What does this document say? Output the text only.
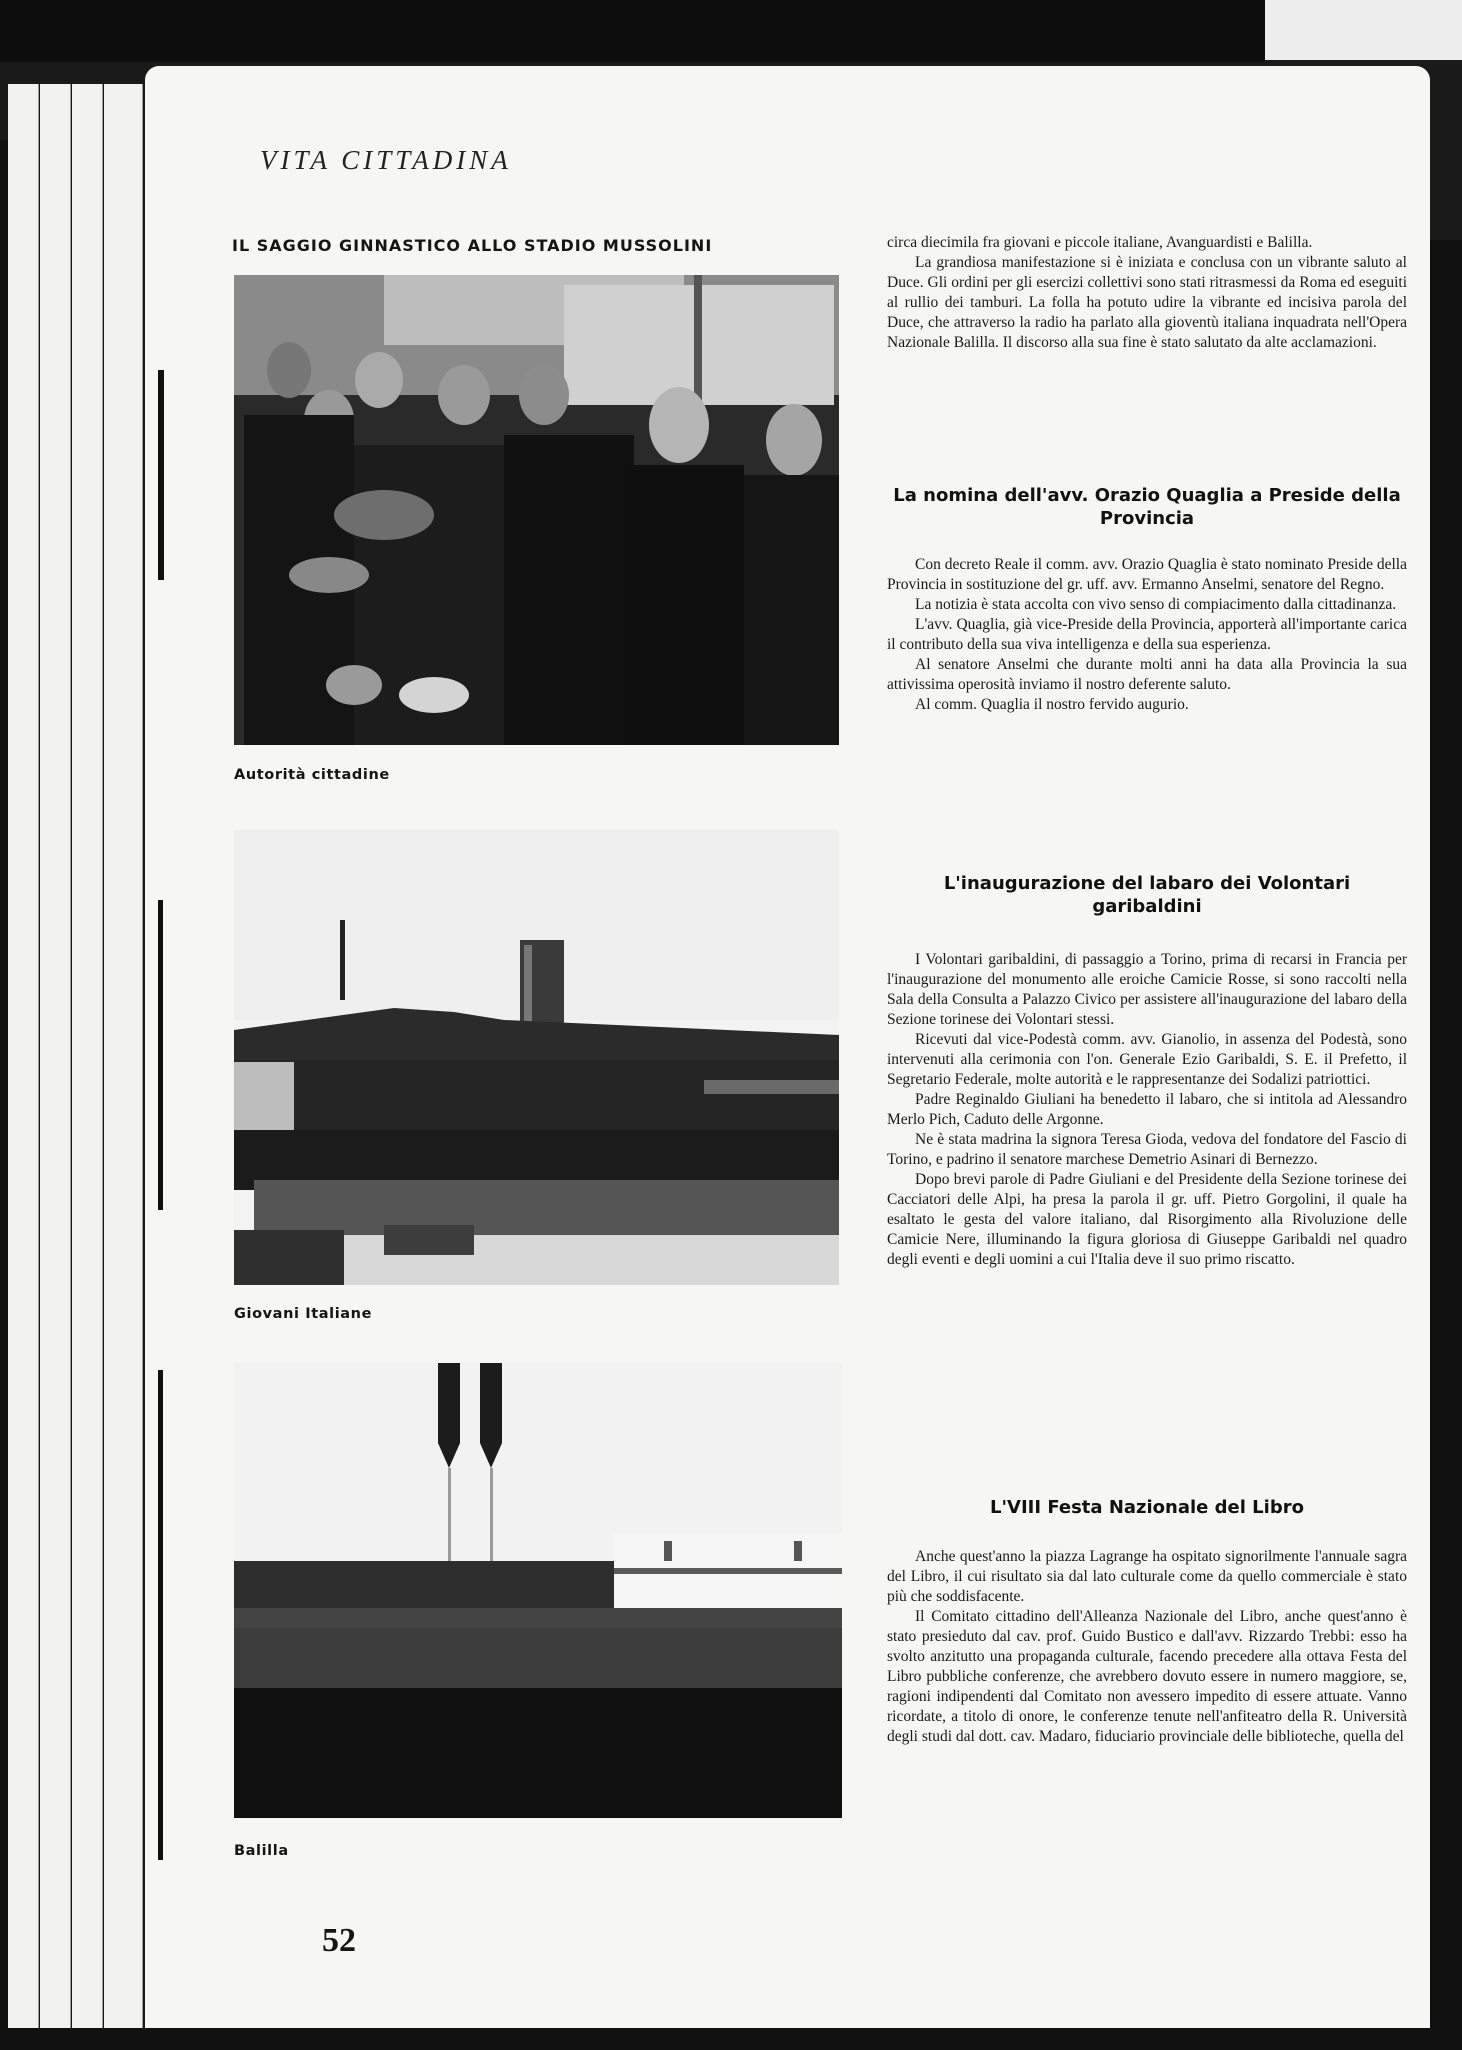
VITA CITTADINA
IL SAGGIO GINNASTICO ALLO STADIO MUSSOLINI
Autorità cittadine
Giovani Italiane
Balilla
52

circa diecimila fra giovani e piccole italiane, Avanguardisti e Balilla.

La grandiosa manifestazione si è iniziata e conclusa con un vibrante saluto al Duce. Gli ordini per gli esercizi collettivi sono stati ritrasmessi da Roma ed eseguiti al rullio dei tamburi. La folla ha potuto udire la vibrante ed incisiva parola del Duce, che attraverso la radio ha parlato alla gioventù italiana inquadrata nell'Opera Nazionale Balilla. Il discorso alla sua fine è stato salutato da alte acclamazioni.

La nomina dell'avv. Orazio Quaglia a Preside della Provincia

Con decreto Reale il comm. avv. Orazio Quaglia è stato nominato Preside della Provincia in sostituzione del gr. uff. avv. Ermanno Anselmi, senatore del Regno.

La notizia è stata accolta con vivo senso di compiacimento dalla cittadinanza.

L'avv. Quaglia, già vice-Preside della Provincia, apporterà all'importante carica il contributo della sua viva intelligenza e della sua esperienza.

Al senatore Anselmi che durante molti anni ha data alla Provincia la sua attivissima operosità inviamo il nostro deferente saluto.

Al comm. Quaglia il nostro fervido augurio.

L'inaugurazione del labaro dei Volontari garibaldini

I Volontari garibaldini, di passaggio a Torino, prima di recarsi in Francia per l'inaugurazione del monumento alle eroiche Camicie Rosse, si sono raccolti nella Sala della Consulta a Palazzo Civico per assistere all'inaugurazione del labaro della Sezione torinese dei Volontari stessi.

Ricevuti dal vice-Podestà comm. avv. Gianolio, in assenza del Podestà, sono intervenuti alla cerimonia con l'on. Generale Ezio Garibaldi, S. E. il Prefetto, il Segretario Federale, molte autorità e le rappresentanze dei Sodalizi patriottici.

Padre Reginaldo Giuliani ha benedetto il labaro, che si intitola ad Alessandro Merlo Pich, Caduto delle Argonne.

Ne è stata madrina la signora Teresa Gioda, vedova del fondatore del Fascio di Torino, e padrino il senatore marchese Demetrio Asinari di Bernezzo.

Dopo brevi parole di Padre Giuliani e del Presidente della Sezione torinese dei Cacciatori delle Alpi, ha presa la parola il gr. uff. Pietro Gorgolini, il quale ha esaltato le gesta del valore italiano, dal Risorgimento alla Rivoluzione delle Camicie Nere, illuminando la figura gloriosa di Giuseppe Garibaldi nel quadro degli eventi e degli uomini a cui l'Italia deve il suo primo riscatto.

L'VIII Festa Nazionale del Libro

Anche quest'anno la piazza Lagrange ha ospitato signorilmente l'annuale sagra del Libro, il cui risultato sia dal lato culturale come da quello commerciale è stato più che soddisfacente.

Il Comitato cittadino dell'Alleanza Nazionale del Libro, anche quest'anno è stato presieduto dal cav. prof. Guido Bustico e dall'avv. Rizzardo Trebbi: esso ha svolto anzitutto una propaganda culturale, facendo precedere alla ottava Festa del Libro pubbliche conferenze, che avrebbero dovuto essere in numero maggiore, se, ragioni indipendenti dal Comitato non avessero impedito di essere attuate. Vanno ricordate, a titolo di onore, le conferenze tenute nell'anfiteatro della R. Università degli studi dal dott. cav. Madaro, fiduciario provinciale delle biblioteche, quella del
